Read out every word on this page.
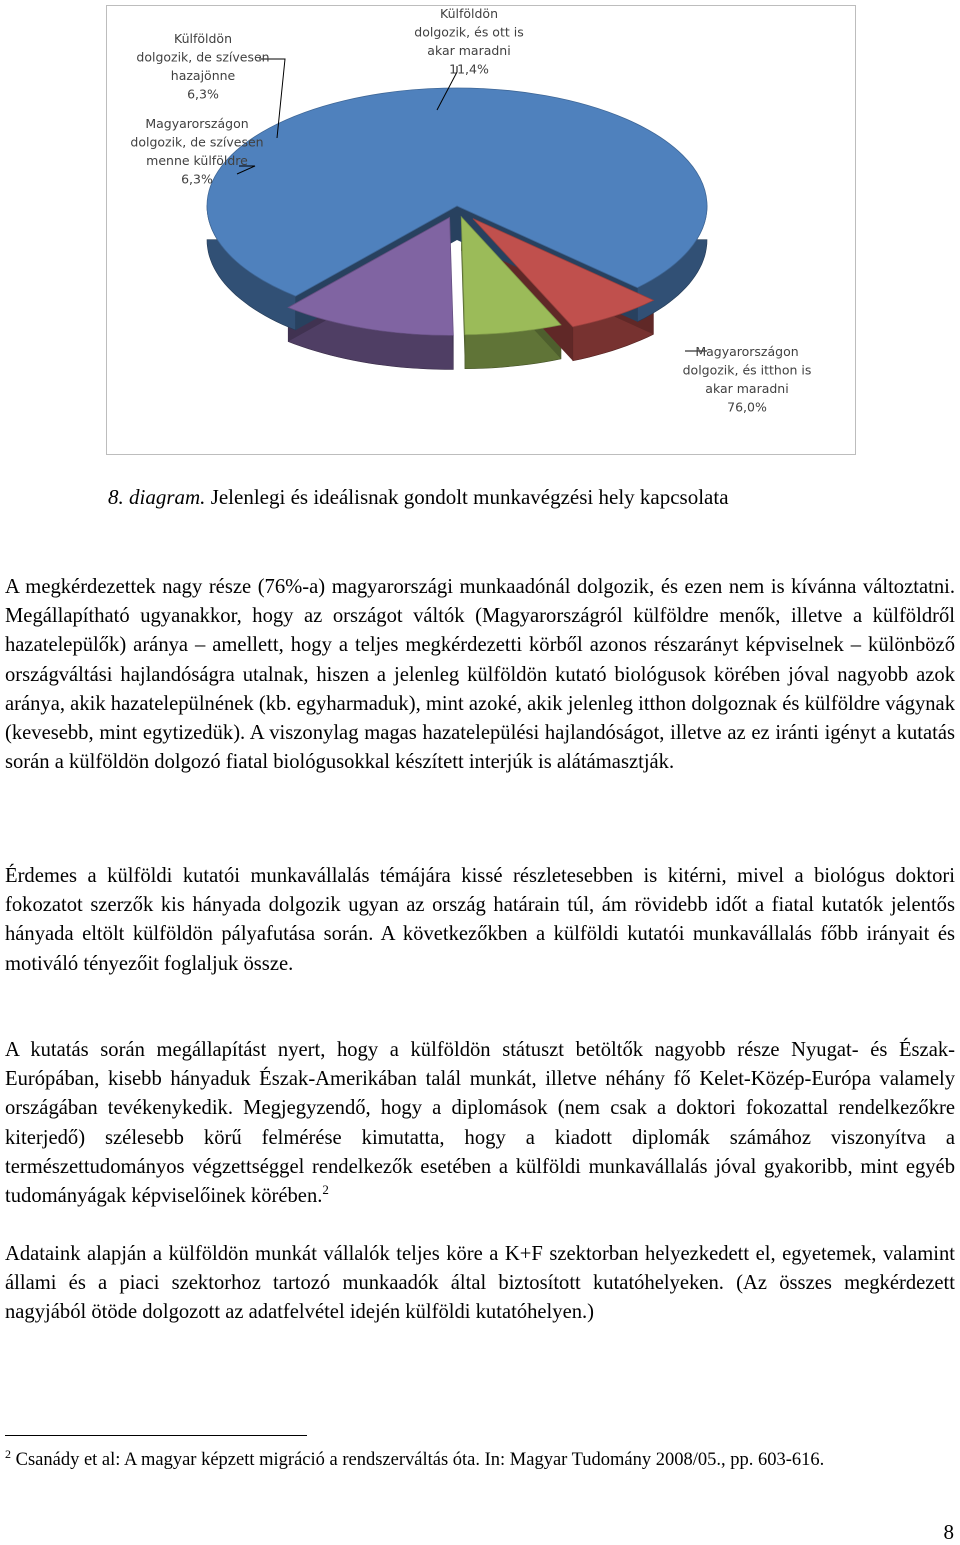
Magyarországon dolgozik, és itthon is akar maradni 76,0%
Magyarországon dolgozik, de szívesen menne külföldre 6,3%
Külföldön dolgozik, de szívesen hazajönne 6,3%
Külföldön dolgozik, és ott is akar maradni 11,4%
8. diagram. Jelenlegi és ideálisnak gondolt munkavégzési hely kapcsolata

A megkérdezettek nagy része (76%-a) magyarországi munkaadónál dolgozik, és ezen nem is kívánna változtatni. Megállapítható ugyanakkor, hogy az országot váltók (Magyarországról külföldre menők, illetve a külföldről hazatelepülők) aránya – amellett, hogy a teljes megkérdezetti körből azonos részarányt képviselnek – különböző országváltási hajlandóságra utalnak, hiszen a jelenleg külföldön kutató biológusok körében jóval nagyobb azok aránya, akik hazatelepülnének (kb. egyharmaduk), mint azoké, akik jelenleg itthon dolgoznak és külföldre vágynak (kevesebb, mint egytizedük). A viszonylag magas hazatelepülési hajlandóságot, illetve az ez iránti igényt a kutatás során a külföldön dolgozó fiatal biológusokkal készített interjúk is alátámasztják.

Érdemes a külföldi kutatói munkavállalás témájára kissé részletesebben is kitérni, mivel a biológus doktori fokozatot szerzők kis hányada dolgozik ugyan az ország határain túl, ám rövidebb időt a fiatal kutatók jelentős hányada eltölt külföldön pályafutása során. A következőkben a külföldi kutatói munkavállalás főbb irányait és motiváló tényezőit foglaljuk össze.

A kutatás során megállapítást nyert, hogy a külföldön státuszt betöltők nagyobb része Nyugat- és Észak-Európában, kisebb hányaduk Észak-Amerikában talál munkát, illetve néhány fő Kelet-Közép-Európa valamely országában tevékenykedik. Megjegyzendő, hogy a diplomások (nem csak a doktori fokozattal rendelkezőkre kiterjedő) szélesebb körű felmérése kimutatta, hogy a kiadott diplomák számához viszonyítva a természettudományos végzettséggel rendelkezők esetében a külföldi munkavállalás jóval gyakoribb, mint egyéb tudományágak képviselőinek körében.$^2$

Adataink alapján a külföldön munkát vállalók teljes köre a K+F szektorban helyezkedett el, egyetemek, valamint állami és a piaci szektorhoz tartozó munkaadók által biztosított kutatóhelyeken. (Az összes megkérdezett nagyjából ötöde dolgozott az adatfelvétel idején külföldi kutatóhelyen.)

$^2$ Csanády et al: A magyar képzett migráció a rendszerváltás óta. In: Magyar Tudomány 2008/05., pp. 603-616.
8
